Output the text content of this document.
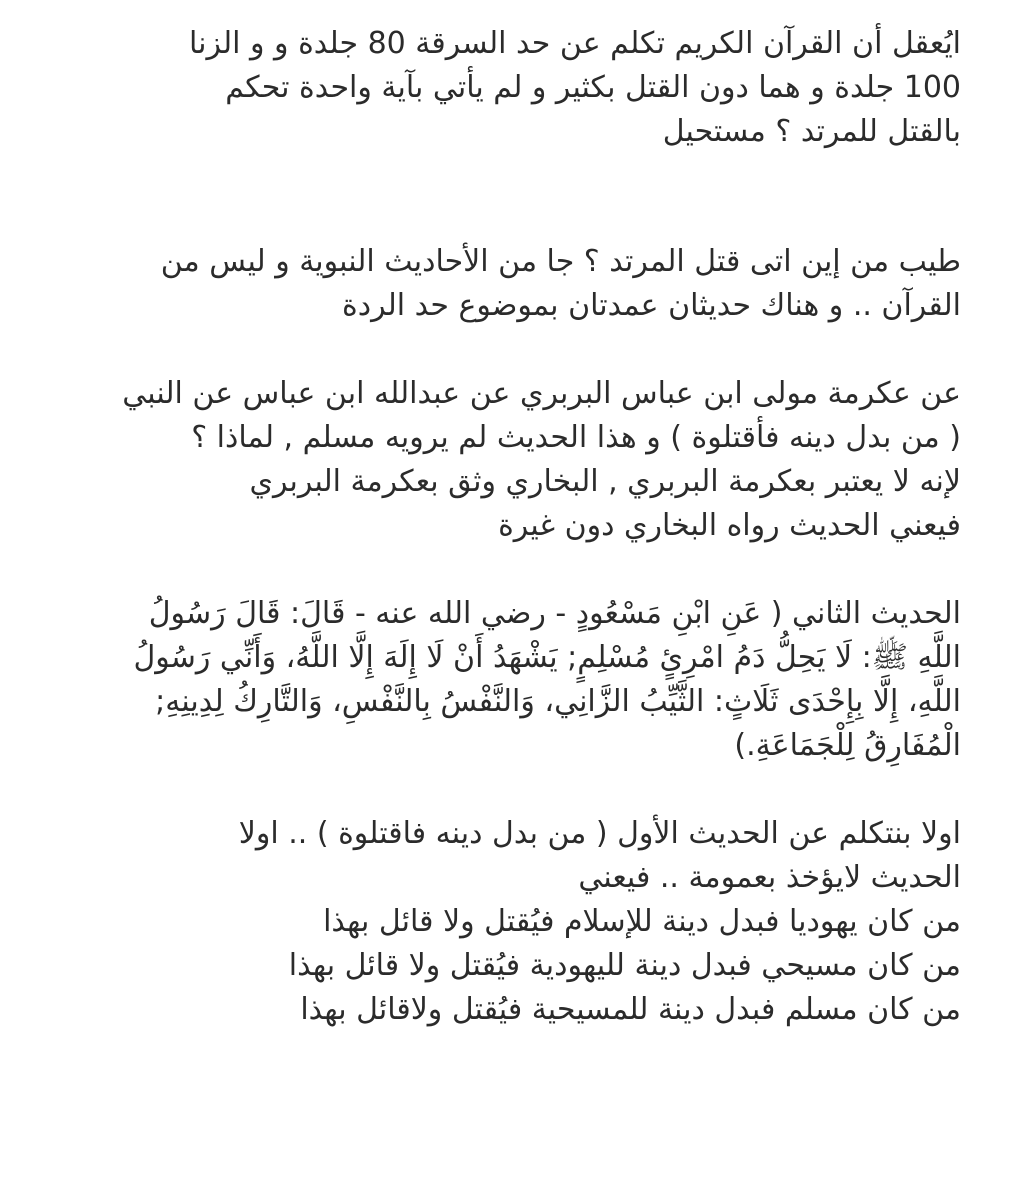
ايُعقل أن القرآن الكريم تكلم عن حد السرقة 80 جلدة و و الزنا
100 جلدة و هما دون القتل بكثير و لم يأتي بآية واحدة تحكم
بالقتل للمرتد ؟ مستحيل

طيب من إين اتى قتل المرتد ؟ جا من الأحاديث النبوية و ليس من
القرآن .. و هناك حديثان عمدتان بموضوع حد الردة

عن عكرمة مولى ابن عباس البربري عن عبدالله ابن عباس عن النبي
( من بدل دينه فأقتلوة ) و هذا الحديث لم يرويه مسلم , لماذا ؟
لإنه لا يعتبر بعكرمة البربري , البخاري وثق بعكرمة البربري
فيعني الحديث رواه البخاري دون غيرة

الحديث الثاني ( عَنِ ابْنِ مَسْعُودٍ - رضي الله عنه - قَالَ: قَالَ رَسُولُ
اللَّهِ ﷺ: لَا يَحِلُّ دَمُ امْرِئٍ مُسْلِمٍ; يَشْهَدُ أَنْ لَا إِلَهَ إِلَّا اللَّهُ، وَأَنِّي رَسُولُ
اللَّهِ، إِلَّا بِإِحْدَى ثَلَاثٍ: الثَّيِّبُ الزَّانِي، وَالنَّفْسُ بِالنَّفْسِ، وَالتَّارِكُ لِدِينِهِ;
الْمُفَارِقُ لِلْجَمَاعَةِ.)

اولا بنتكلم عن الحديث الأول ( من بدل دينه فاقتلوة ) .. اولا
الحديث لايؤخذ بعمومة .. فيعني
من كان يهوديا فبدل دينة للإسلام فيُقتل ولا قائل بهذا
من كان مسيحي فبدل دينة لليهودية فيُقتل ولا قائل بهذا
من كان مسلم فبدل دينة للمسيحية فيُقتل ولاقائل بهذا
